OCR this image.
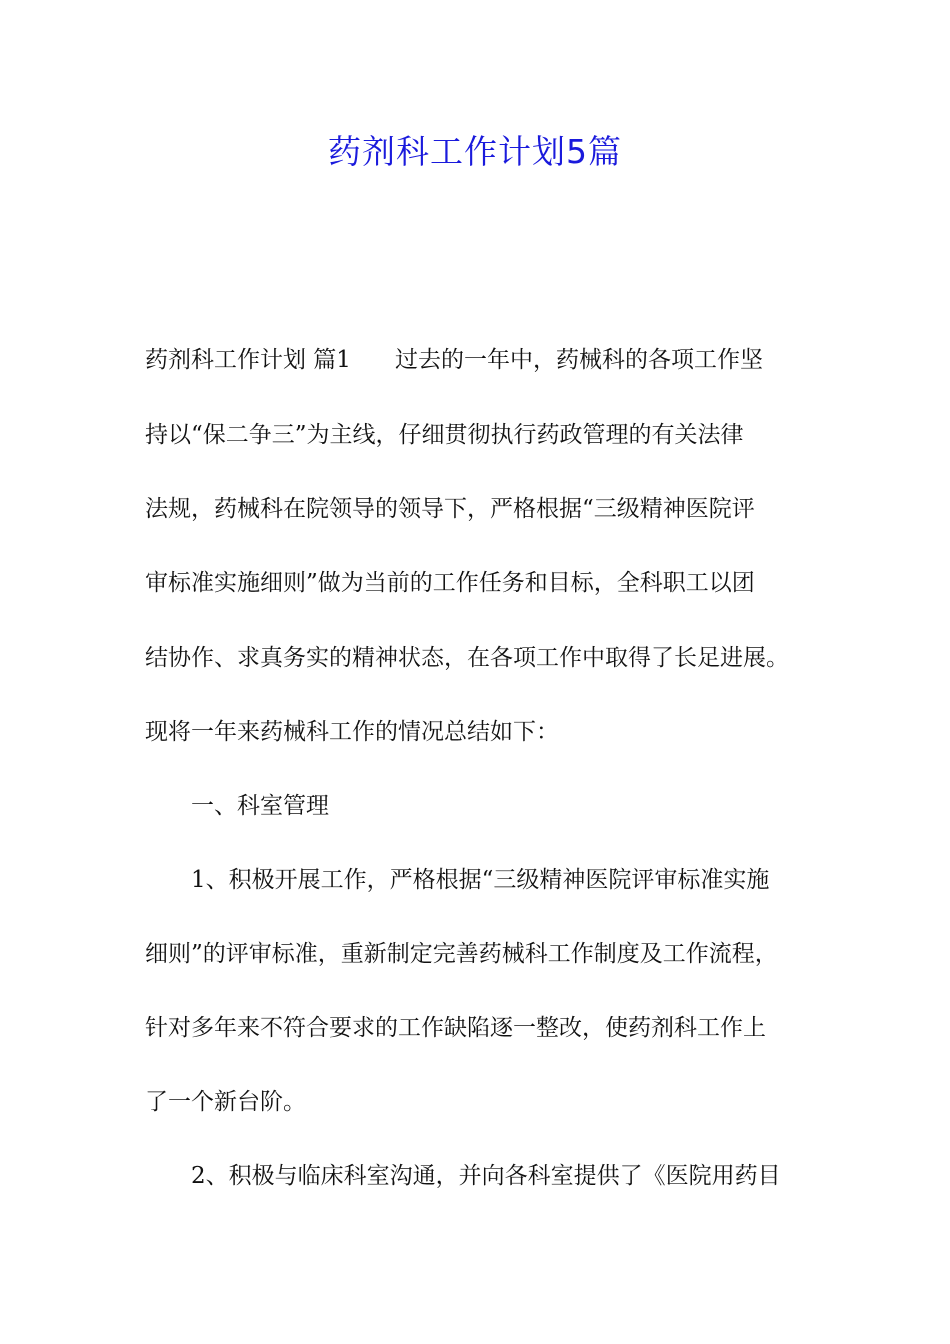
药剂科工作计划5篇

药剂科工作计划 篇1 过去的一年中，药械科的各项工作坚

持以“保二争三”为主线，仔细贯彻执行药政管理的有关法律

法规，药械科在院领导的领导下，严格根据“三级精神医院评

审标准实施细则”做为当前的工作任务和目标，全科职工以团

结协作、求真务实的精神状态，在各项工作中取得了长足进展。

现将一年来药械科工作的情况总结如下：

一、科室管理

1、积极开展工作，严格根据“三级精神医院评审标准实施

细则”的评审标准，重新制定完善药械科工作制度及工作流程，

针对多年来不符合要求的工作缺陷逐一整改，使药剂科工作上

了一个新台阶。

2、积极与临床科室沟通，并向各科室提供了《医院用药目
